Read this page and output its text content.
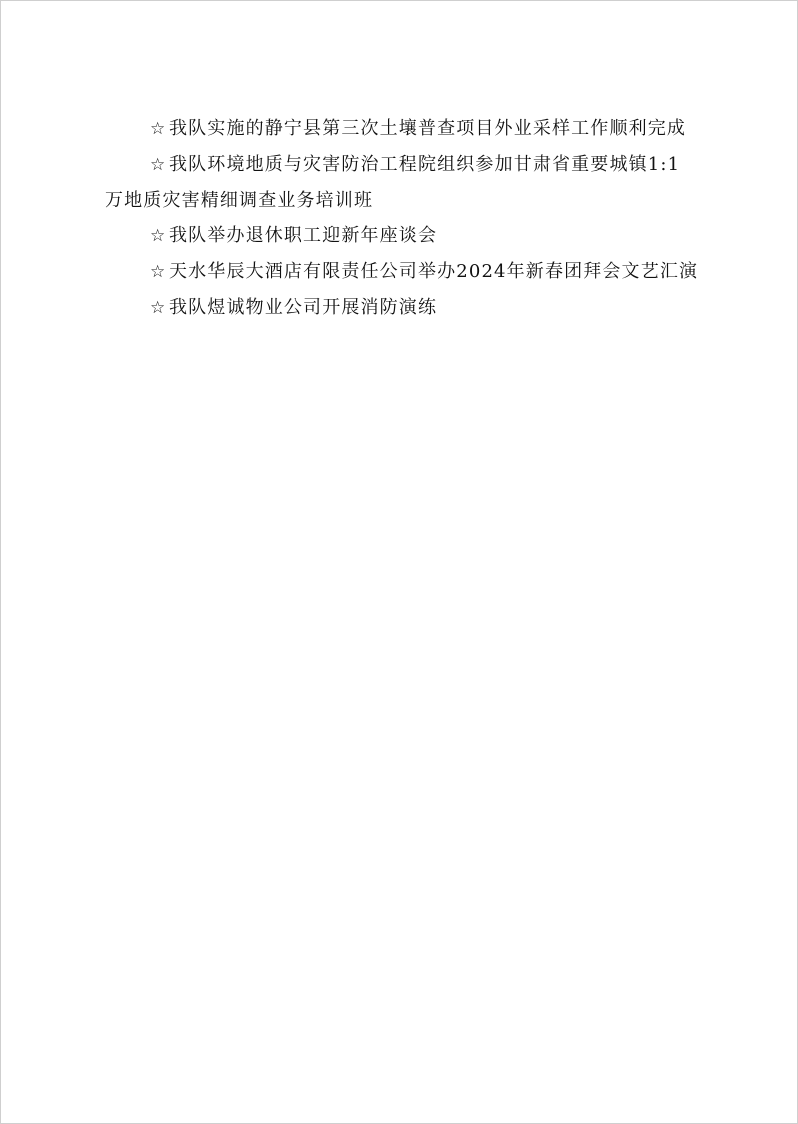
☆ 我队实施的静宁县第三次土壤普查项目外业采样工作顺利完成

☆ 我队环境地质与灾害防治工程院组织参加甘肃省重要城镇1:1万地质灾害精细调查业务培训班

☆ 我队举办退休职工迎新年座谈会

☆ 天水华辰大酒店有限责任公司举办2024年新春团拜会文艺汇演

☆ 我队煜诚物业公司开展消防演练
